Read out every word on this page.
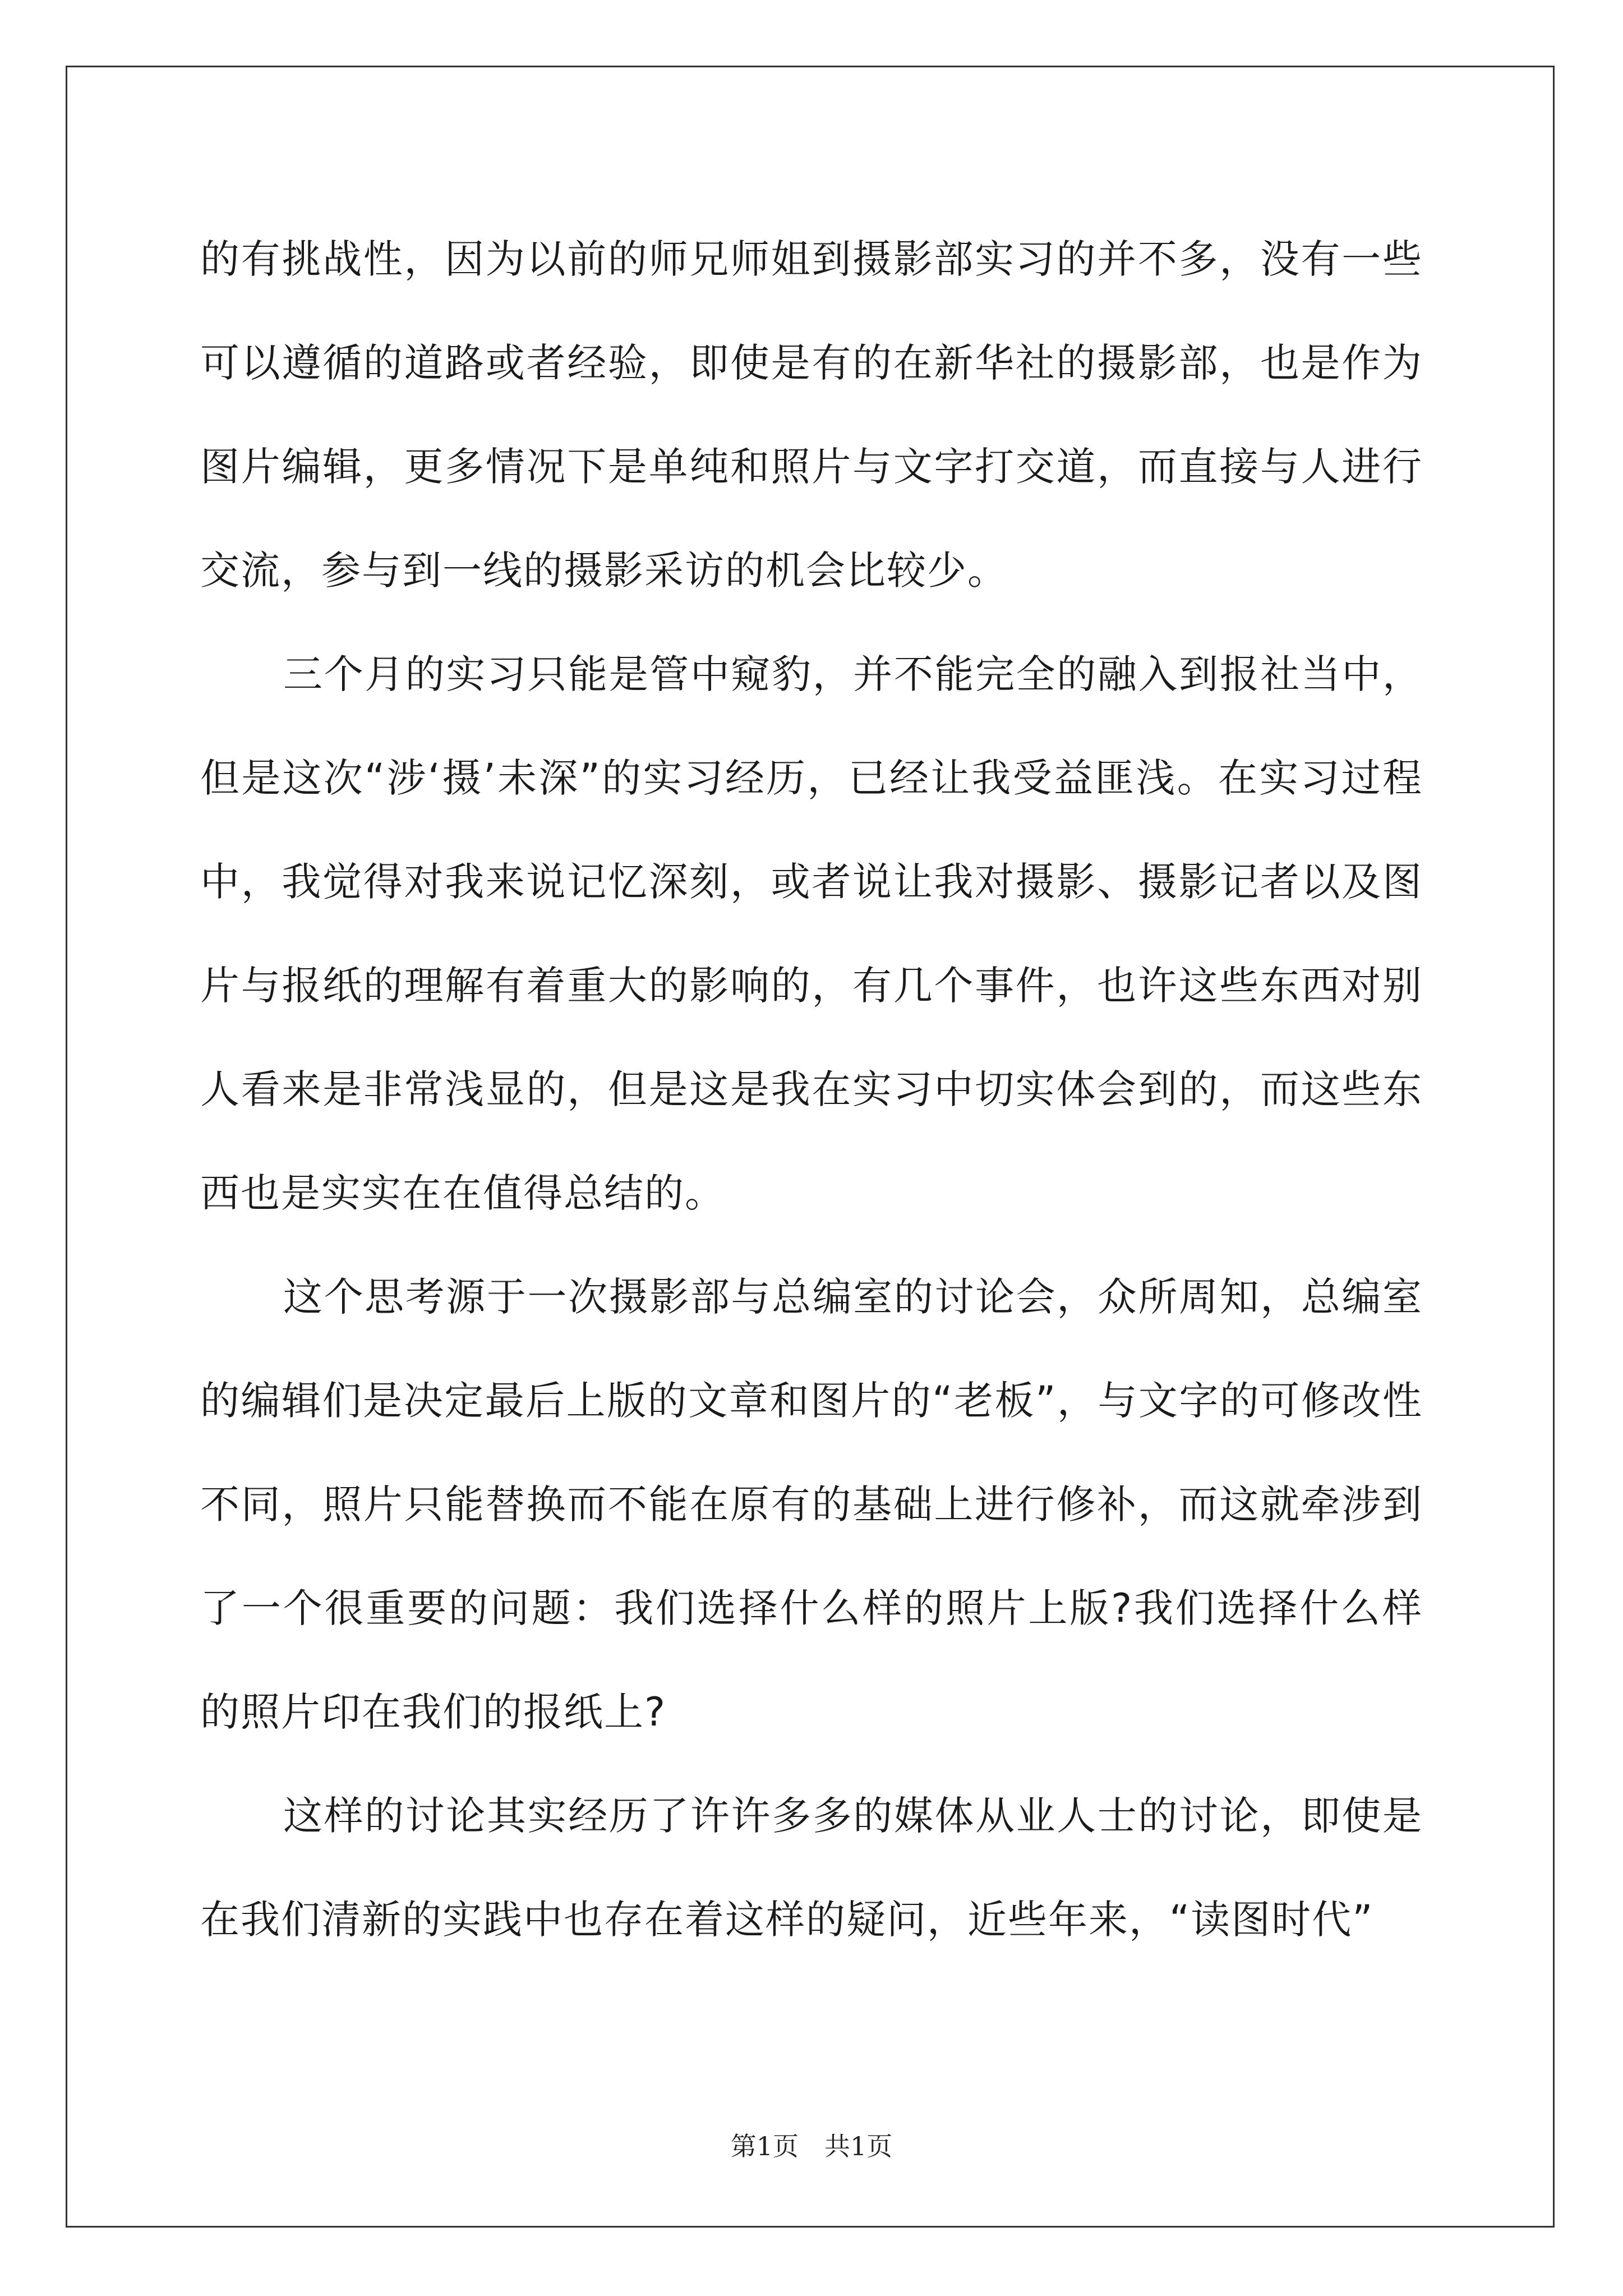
的有挑战性，因为以前的师兄师姐到摄影部实习的并不多，没有一些可以遵循的道路或者经验，即使是有的在新华社的摄影部，也是作为图片编辑，更多情况下是单纯和照片与文字打交道，而直接与人进行交流，参与到一线的摄影采访的机会比较少。

三个月的实习只能是管中窥豹，并不能完全的融入到报社当中，但是这次“涉‘摄’未深”的实习经历，已经让我受益匪浅。在实习过程中，我觉得对我来说记忆深刻，或者说让我对摄影、摄影记者以及图片与报纸的理解有着重大的影响的，有几个事件，也许这些东西对别人看来是非常浅显的，但是这是我在实习中切实体会到的，而这些东西也是实实在在值得总结的。

这个思考源于一次摄影部与总编室的讨论会，众所周知，总编室的编辑们是决定最后上版的文章和图片的“老板”，与文字的可修改性不同，照片只能替换而不能在原有的基础上进行修补，而这就牵涉到了一个很重要的问题：我们选择什么样的照片上版?我们选择什么样的照片印在我们的报纸上?

这样的讨论其实经历了许许多多的媒体从业人士的讨论，即使是在我们清新的实践中也存在着这样的疑问，近些年来，“读图时代”

第1页　共1页
